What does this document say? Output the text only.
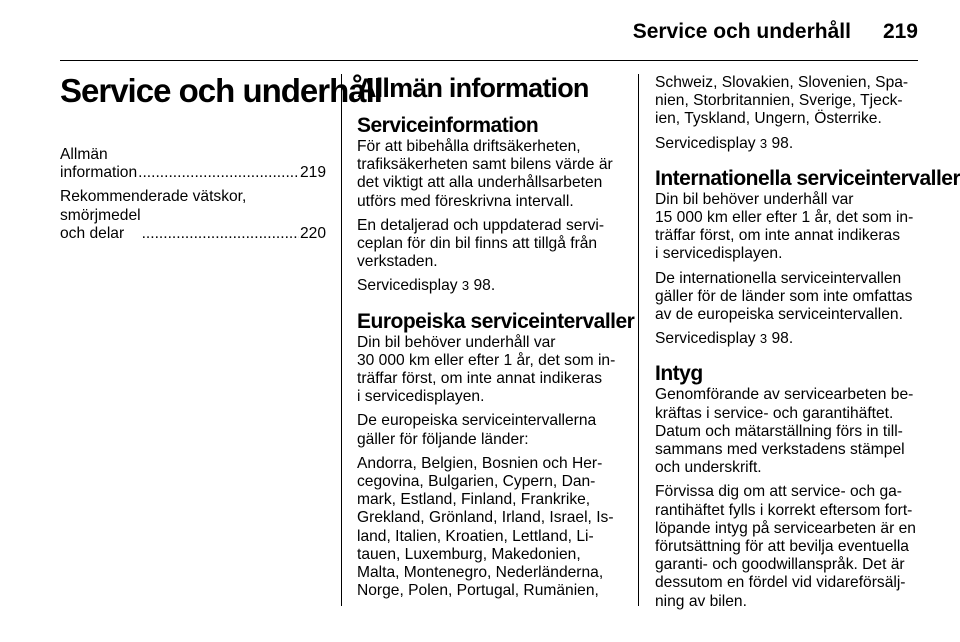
Service och underhåll 219
Service och underhåll
Allmän information .....	219
Rekommenderade vätskor,
smörjmedel och delar .....	220
Allmän information
Serviceinformation

För att bibehålla driftsäkerheten,
trafiksäkerheten samt bilens värde är
det viktigt att alla underhållsarbeten
utförs med föreskrivna intervall.

En detaljerad och uppdaterad servi-
ceplan för din bil finns att tillgå från
verkstaden.

Servicedisplay 3 98.

Europeiska serviceintervaller

Din bil behöver underhåll var
30 000 km eller efter 1 år, det som in-
träffar först, om inte annat indikeras
i servicedisplayen.

De europeiska serviceintervallerna
gäller för följande länder:

Andorra, Belgien, Bosnien och Her-
cegovina, Bulgarien, Cypern, Dan-
mark, Estland, Finland, Frankrike,
Grekland, Grönland, Irland, Israel, Is-
land, Italien, Kroatien, Lettland, Li-
tauen, Luxemburg, Makedonien,
Malta, Montenegro, Nederländerna,
Norge, Polen, Portugal, Rumänien,

Schweiz, Slovakien, Slovenien, Spa-
nien, Storbritannien, Sverige, Tjeck-
ien, Tyskland, Ungern, Österrike.

Servicedisplay 3 98.

Internationella serviceintervaller

Din bil behöver underhåll var
15 000 km eller efter 1 år, det som in-
träffar först, om inte annat indikeras
i servicedisplayen.

De internationella serviceintervallen
gäller för de länder som inte omfattas
av de europeiska serviceintervallen.

Servicedisplay 3 98.

Intyg

Genomförande av servicearbeten be-
kräftas i service- och garantihäftet.
Datum och mätarställning förs in till-
sammans med verkstadens stämpel
och underskrift.

Förvissa dig om att service- och ga-
rantihäftet fylls i korrekt eftersom fort-
löpande intyg på servicearbeten är en
förutsättning för att bevilja eventuella
garanti- och goodwillanspråk. Det är
dessutom en fördel vid vidareförsälj-
ning av bilen.
